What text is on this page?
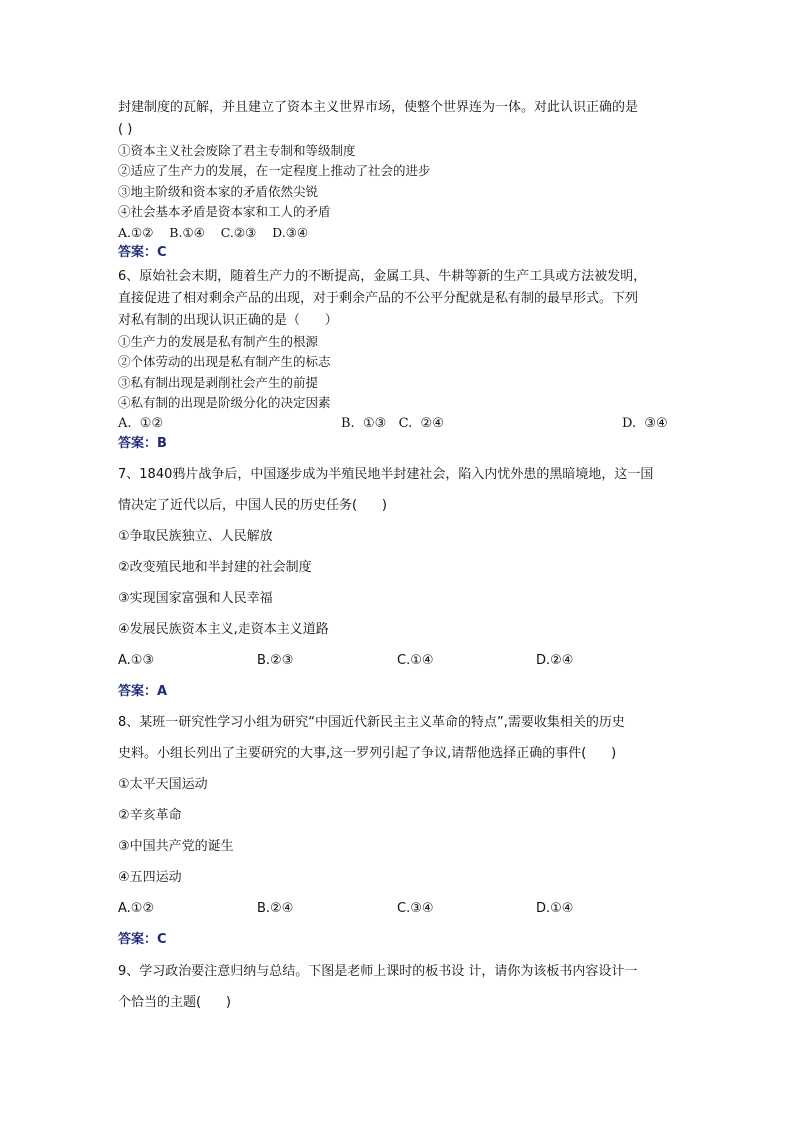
封建制度的瓦解，并且建立了资本主义世界市场，使整个世界连为一体。对此认识正确的是
( )
①资本主义社会废除了君主专制和等级制度
②适应了生产力的发展，在一定程度上推动了社会的进步
③地主阶级和资本家的矛盾依然尖锐
④社会基本矛盾是资本家和工人的矛盾
A.①②    B.①④    C.②③    D.③④
答案：C
6、原始社会末期，随着生产力的不断提高，金属工具、牛耕等新的生产工具或方法被发明，
直接促进了相对剩余产品的出现，对于剩余产品的不公平分配就是私有制的最早形式。下列
对私有制的出现认识正确的是（      ）
①生产力的发展是私有制产生的根源
②个体劳动的出现是私有制产生的标志
③私有制出现是剥削社会产生的前提
④私有制的出现是阶级分化的决定因素
A.  ①②	B.  ①③   C.  ②④	D.  ③④
答案：B
7、1840鸦片战争后，中国逐步成为半殖民地半封建社会，陷入内忧外患的黑暗境地，这一国
情决定了近代以后，中国人民的历史任务(      )
①争取民族独立、人民解放
②改变殖民地和半封建的社会制度
③实现国家富强和人民幸福
④发展民族资本主义,走资本主义道路
A.①③	B.②③	C.①④	D.②④
答案：A
8、某班一研究性学习小组为研究“中国近代新民主主义革命的特点”,需要收集相关的历史
史料。小组长列出了主要研究的大事,这一罗列引起了争议,请帮他选择正确的事件(      )
①太平天国运动
②辛亥革命
③中国共产党的诞生
④五四运动
A.①②	B.②④	C.③④	D.①④
答案：C
9、学习政治要注意归纳与总结。下图是老师上课时的板书设 计，请你为该板书内容设计一
个恰当的主题(      )
